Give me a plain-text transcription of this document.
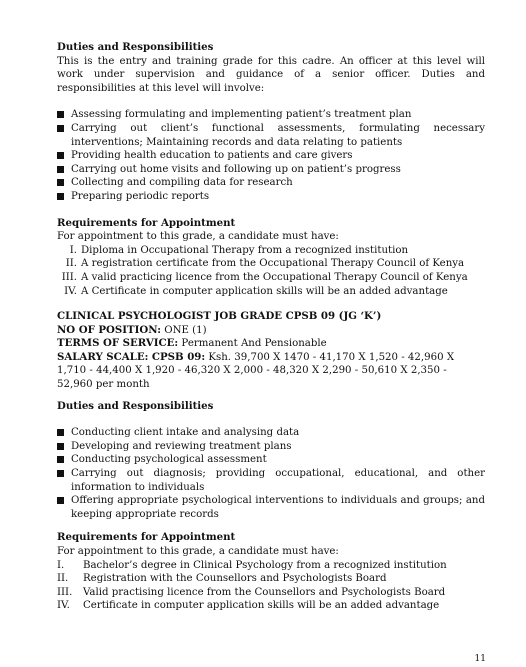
Duties and Responsibilities

This is the entry and training grade for this cadre. An officer at this level will work under supervision and guidance of a senior officer. Duties and responsibilities at this level will involve:

Assessing formulating and implementing patient’s treatment plan
Carrying out client’s functional assessments, formulating necessary interventions; Maintaining records and data relating to patients
Providing health education to patients and care givers
Carrying out home visits and following up on patient’s progress
Collecting and compiling data for research
Preparing periodic reports

Requirements for Appointment

For appointment to this grade, a candidate must have:

I. Diploma in Occupational Therapy from a recognized institution
II. A registration certificate from the Occupational Therapy Council of Kenya
III. A valid practicing licence from the Occupational Therapy Council of Kenya
IV. A Certificate in computer application skills will be an added advantage

CLINICAL PSYCHOLOGIST JOB GRADE CPSB 09 (JG ‘K’)

NO OF POSITION: ONE (1)

TERMS OF SERVICE: Permanent And Pensionable

SALARY SCALE: CPSB 09: Ksh. 39,700 X 1470 - 41,170 X 1,520 - 42,960 X 1,710 - 44,400 X 1,920 - 46,320 X 2,000 - 48,320 X 2,290 - 50,610 X 2,350 - 52,960 per month

Duties and Responsibilities

Conducting client intake and analysing data
Developing and reviewing treatment plans
Conducting psychological assessment
Carrying out diagnosis; providing occupational, educational, and other information to individuals
Offering appropriate psychological interventions to individuals and groups; and keeping appropriate records

Requirements for Appointment

For appointment to this grade, a candidate must have:

I.	Bachelor’s degree in Clinical Psychology from a recognized institution
II.	Registration with the Counsellors and Psychologists Board
III.	Valid practising licence from the Counsellors and Psychologists Board
IV.	Certificate in computer application skills will be an added advantage
11
